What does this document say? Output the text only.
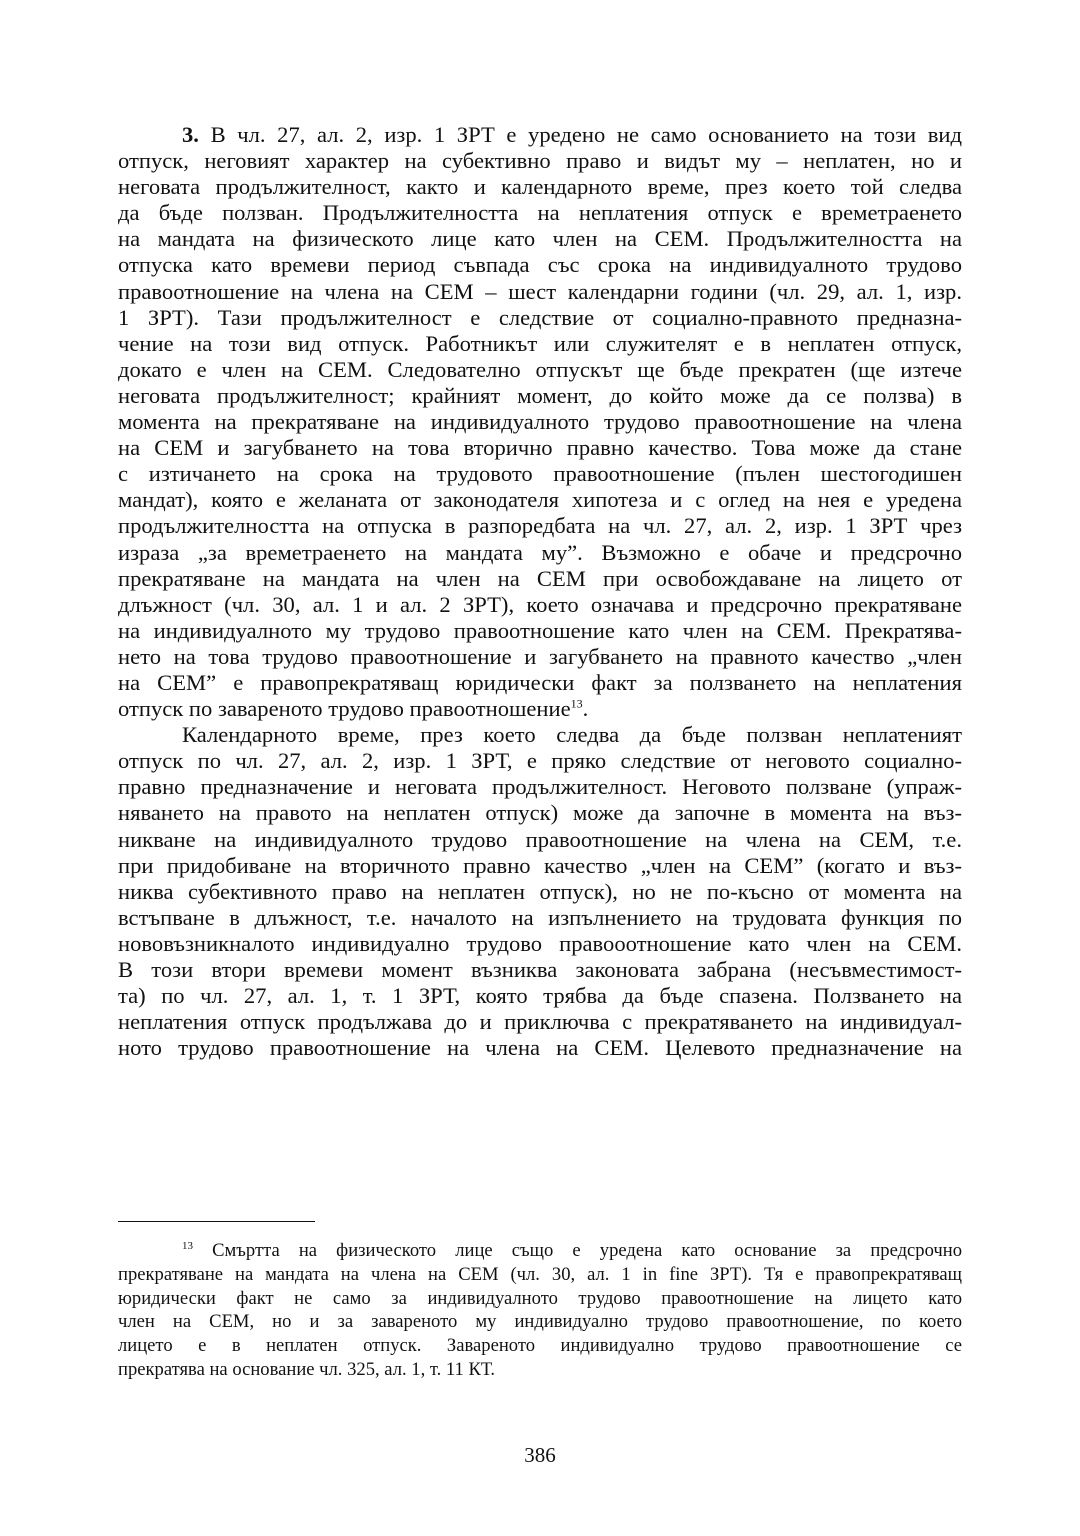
3. В чл. 27, ал. 2, изр. 1 ЗРТ е уредено не само основанието на този вид
отпуск, неговият характер на субективно право и видът му – неплатен, но и
неговата продължителност, както и календарното време, през което той следва
да бъде ползван. Продължителността на неплатения отпуск е времетраенето
на мандата на физическото лице като член на СЕМ. Продължителността на
отпуска като времеви период съвпада със срока на индивидуалното трудово
правоотношение на члена на СЕМ – шест календарни години (чл. 29, ал. 1, изр.
1 ЗРТ). Тази продължителност е следствие от социално-правното предназна-
чение на този вид отпуск. Работникът или служителят е в неплатен отпуск,
докато е член на СЕМ. Следователно отпускът ще бъде прекратен (ще изтече
неговата продължителност; крайният момент, до който може да се ползва) в
момента на прекратяване на индивидуалното трудово правоотношение на члена
на СЕМ и загубването на това вторично правно качество. Това може да стане
с изтичането на срока на трудовото правоотношение (пълен шестогодишен
мандат), която е желаната от законодателя хипотеза и с оглед на нея е уредена
продължителността на отпуска в разпоредбата на чл. 27, ал. 2, изр. 1 ЗРТ чрез
израза „за времетраенето на мандата му”. Възможно е обаче и предсрочно
прекратяване на мандата на член на СЕМ при освобождаване на лицето от
длъжност (чл. 30, ал. 1 и ал. 2 ЗРТ), което означава и предсрочно прекратяване
на индивидуалното му трудово правоотношение като член на СЕМ. Прекратява-
нето на това трудово правоотношение и загубването на правното качество „член
на СЕМ” е правопрекратяващ юридически факт за ползването на неплатения
отпуск по завареното трудово правоотношение$^{13}$.
Календарното време, през което следва да бъде ползван неплатеният
отпуск по чл. 27, ал. 2, изр. 1 ЗРТ, е пряко следствие от неговото социално-
правно предназначение и неговата продължителност. Неговото ползване (упраж-
няването на правото на неплатен отпуск) може да започне в момента на въз-
никване на индивидуалното трудово правоотношение на члена на СЕМ, т.е.
при придобиване на вторичното правно качество „член на СЕМ” (когато и въз-
никва субективното право на неплатен отпуск), но не по-късно от момента на
встъпване в длъжност, т.е. началото на изпълнението на трудовата функция по
нововъзникналото индивидуално трудово правооотношение като член на СЕМ.
В този втори времеви момент възниква законовата забрана (несъвместимост-
та) по чл. 27, ал. 1, т. 1 ЗРТ, която трябва да бъде спазена. Ползването на
неплатения отпуск продължава до и приключва с прекратяването на индивидуал-
ното трудово правоотношение на члена на СЕМ. Целевото предназначение на
$^{13}$ Смъртта на физическото лице също е уредена като основание за предсрочно
прекратяване на мандата на члена на СЕМ (чл. 30, ал. 1 in fine ЗРТ). Тя е правопрекратяващ
юридически факт не само за индивидуалното трудово правоотношение на лицето като
член на СЕМ, но и за завареното му индивидуално трудово правоотношение, по което
лицето е в неплатен отпуск. Завареното индивидуално трудово правоотношение се
прекратява на основание чл. 325, ал. 1, т. 11 КТ.
386
